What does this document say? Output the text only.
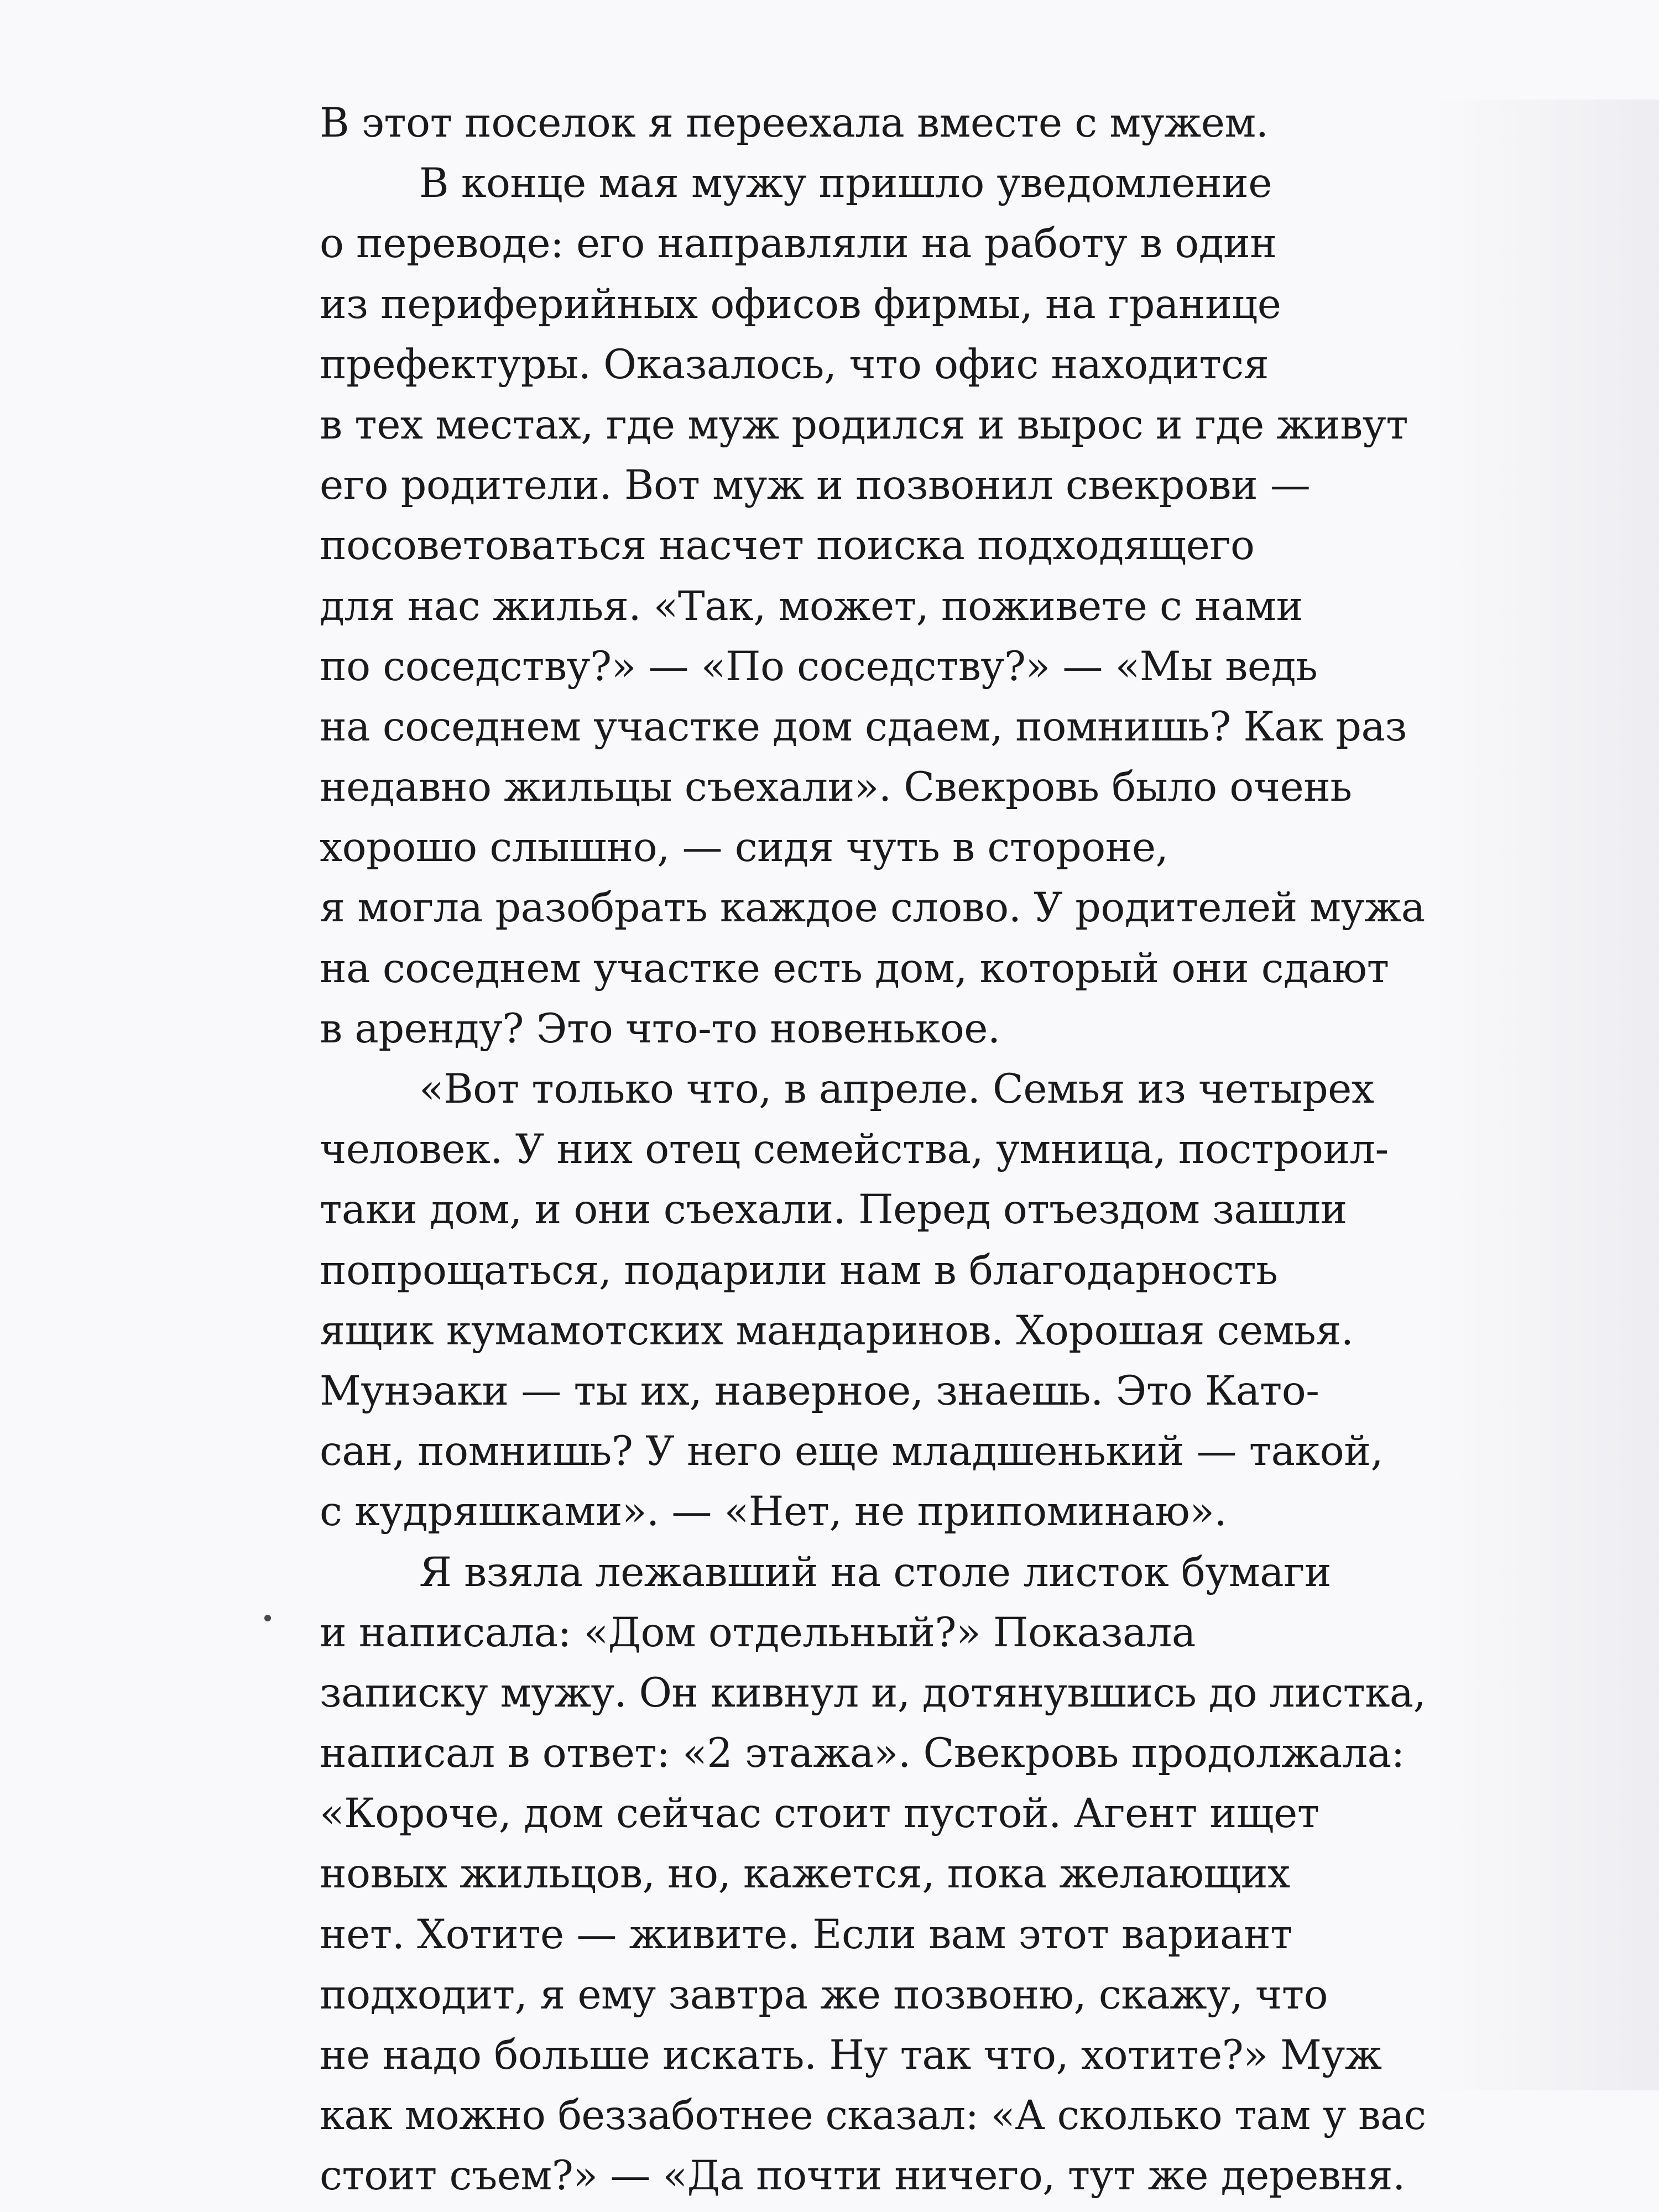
В этот поселок я переехала вместе с мужем.
В конце мая мужу пришло уведомление
о переводе: его направляли на работу в один
из периферийных офисов фирмы, на границе
префектуры. Оказалось, что офис находится
в тех местах, где муж родился и вырос и где живут
его родители. Вот муж и позвонил свекрови —
посоветоваться насчет поиска подходящего
для нас жилья. «Так, может, поживете с нами
по соседству?» — «По соседству?» — «Мы ведь
на соседнем участке дом сдаем, помнишь? Как раз
недавно жильцы съехали». Свекровь было очень
хорошо слышно, — сидя чуть в стороне,
я могла разобрать каждое слово. У родителей мужа
на соседнем участке есть дом, который они сдают
в аренду? Это что-то новенькое.
«Вот только что, в апреле. Семья из четырех
человек. У них отец семейства, умница, построил-
таки дом, и они съехали. Перед отъездом зашли
попрощаться, подарили нам в благодарность
ящик кумамотских мандаринов. Хорошая семья.
Мунэаки — ты их, наверное, знаешь. Это Като-
сан, помнишь? У него еще младшенький — такой,
с кудряшками». — «Нет, не припоминаю».
Я взяла лежавший на столе листок бумаги
и написала: «Дом отдельный?» Показала
записку мужу. Он кивнул и, дотянувшись до листка,
написал в ответ: «2 этажа». Свекровь продолжала:
«Короче, дом сейчас стоит пустой. Агент ищет
новых жильцов, но, кажется, пока желающих
нет. Хотите — живите. Если вам этот вариант
подходит, я ему завтра же позвоню, скажу, что
не надо больше искать. Ну так что, хотите?» Муж
как можно беззаботнее сказал: «А сколько там у вас
стоит съем?» — «Да почти ничего, тут же деревня.
